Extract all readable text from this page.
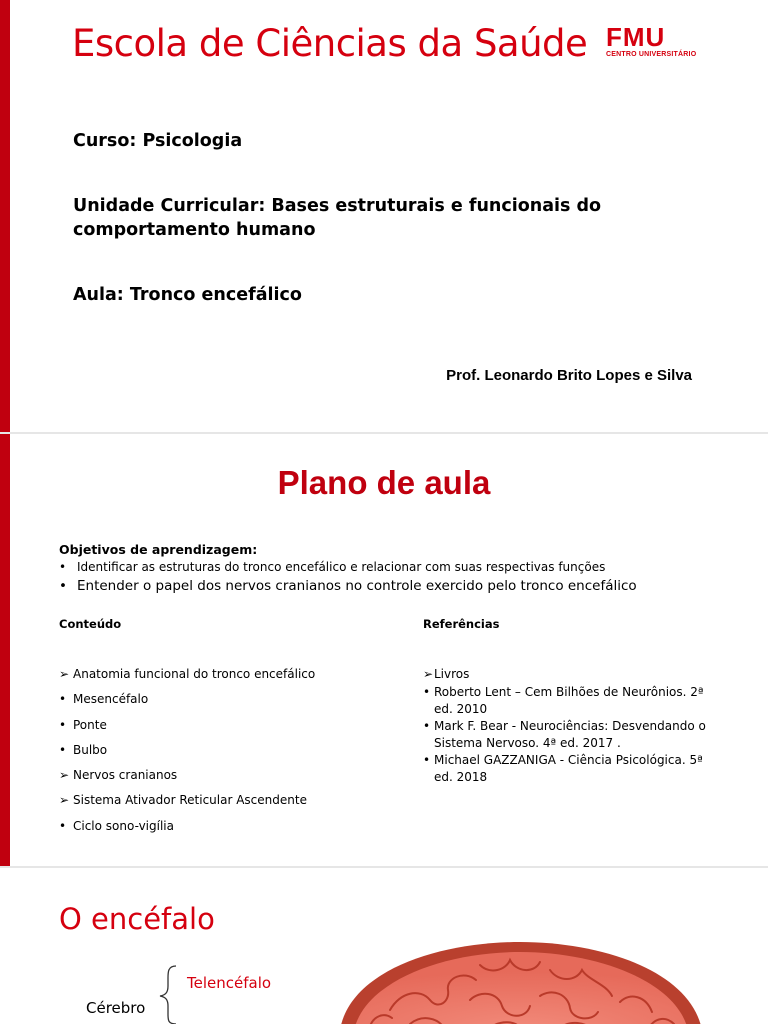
Escola de Ciências da Saúde FMU
CENTRO UNIVERSITÁRIO
Curso: Psicologia
Unidade Curricular: Bases estruturais e funcionais do comportamento humano
Aula: Tronco encefálico
Prof. Leonardo Brito Lopes e Silva
Plano de aula
Objetivos de aprendizagem:
• Identificar as estruturas do tronco encefálico e relacionar com suas respectivas funções
• Entender o papel dos nervos cranianos no controle exercido pelo tronco encefálico
Conteúdo	Referências
➢ Anatomia funcional do tronco encefálico
• Mesencéfalo
• Ponte
• Bulbo
➢ Nervos cranianos
➢ Sistema Ativador Reticular Ascendente
• Ciclo sono-vigília
➢ Livros
• Roberto Lent – Cem Bilhões de Neurônios. 2ª ed. 2010
• Mark F. Bear - Neurociências: Desvendando o Sistema Nervoso. 4ª ed. 2017 .
• Michael GAZZANIGA - Ciência Psicológica. 5ª ed. 2018
O encéfalo
Cérebro
Telencéfalo
